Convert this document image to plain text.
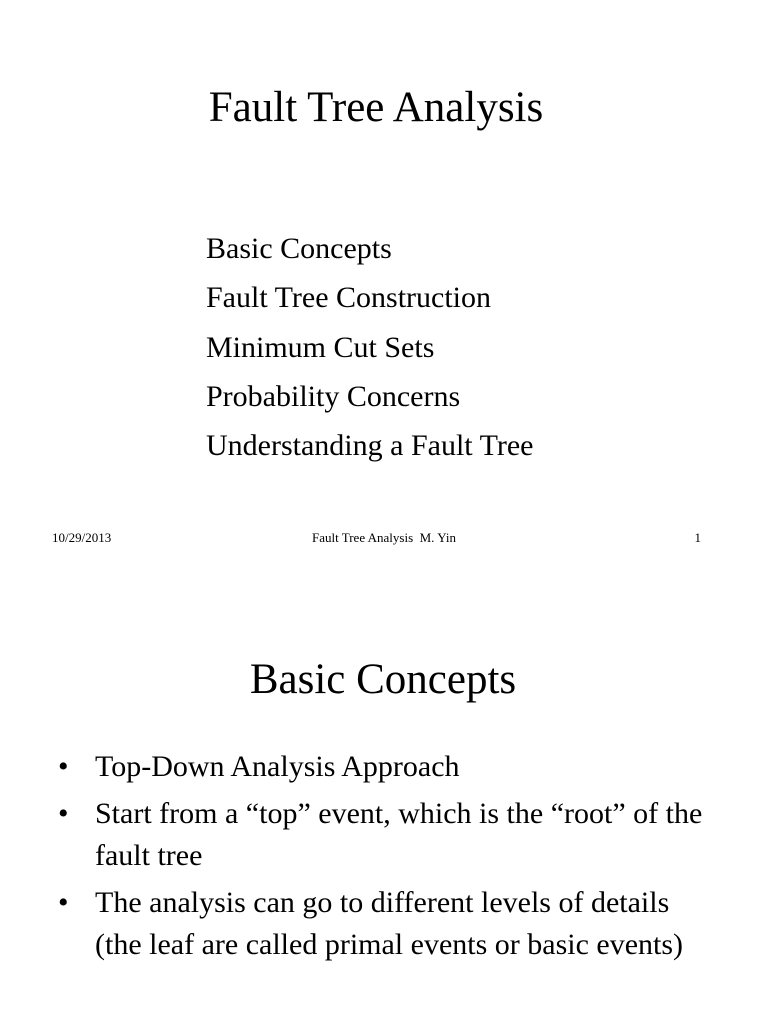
Fault Tree Analysis
Basic Concepts
Fault Tree Construction
Minimum Cut Sets
Probability Concerns
Understanding a Fault Tree
10/29/2013	Fault Tree Analysis  M. Yin	1
Basic Concepts
• Top-Down Analysis Approach
• Start from a “top” event, which is the “root” of the fault tree
• The analysis can go to different levels of details (the leaf are called primal events or basic events)
